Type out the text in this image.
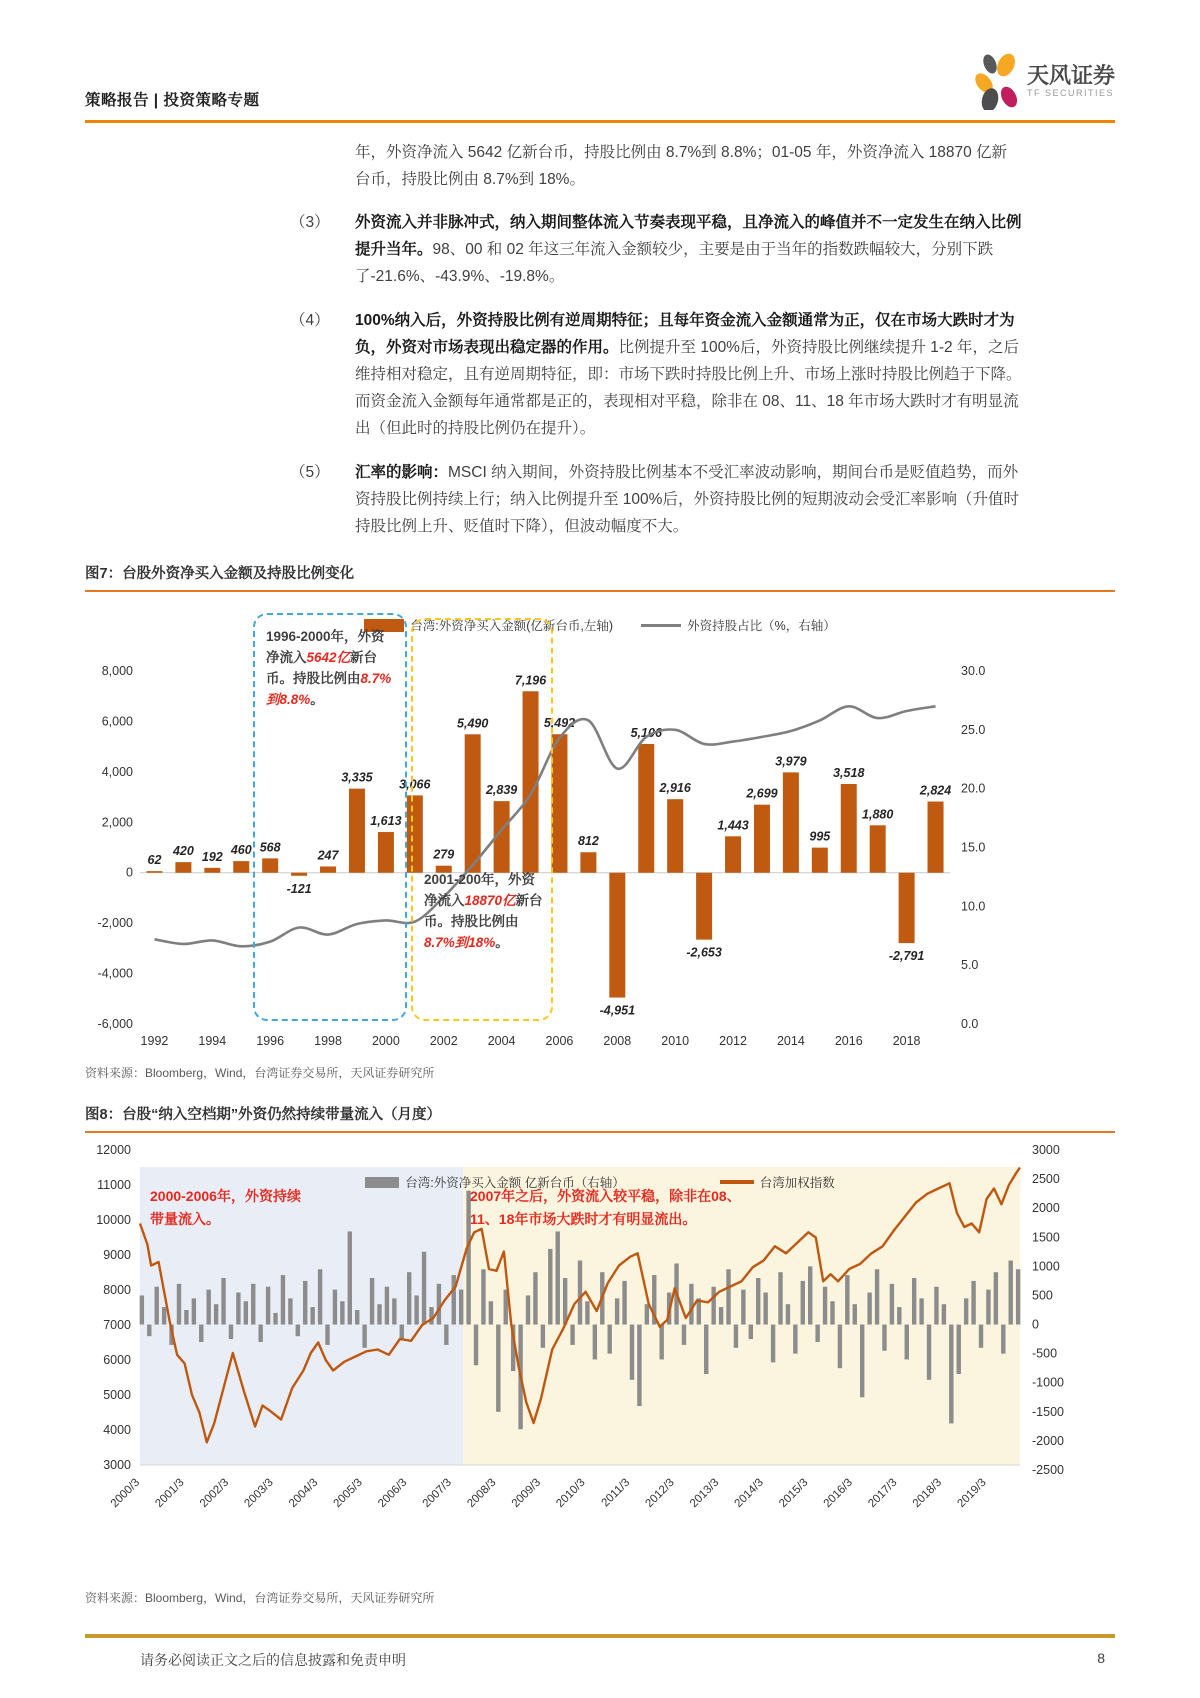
策略报告 | 投资策略专题
天风证券
TF SECURITIES

年，外资净流入 5642 亿新台币，持股比例由 8.7%到 8.8%；01-05 年，外资净流入 18870 亿新台币，持股比例由 8.7%到 18%。

（3）	外资流入并非脉冲式，纳入期间整体流入节奏表现平稳，且净流入的峰值并不一定发生在纳入比例提升当年。98、00 和 02 年这三年流入金额较少，主要是由于当年的指数跌幅较大，分别下跌了-21.6%、-43.9%、-19.8%。
（4）	100%纳入后，外资持股比例有逆周期特征；且每年资金流入金额通常为正，仅在市场大跌时才为负，外资对市场表现出稳定器的作用。比例提升至 100%后，外资持股比例继续提升 1-2 年，之后维持相对稳定，且有逆周期特征，即：市场下跌时持股比例上升、市场上涨时持股比例趋于下降。而资金流入金额每年通常都是正的，表现相对平稳，除非在 08、11、18 年市场大跌时才有明显流出（但此时的持股比例仍在提升）。
（5）	汇率的影响：MSCI 纳入期间，外资持股比例基本不受汇率波动影响，期间台币是贬值趋势，而外资持股比例持续上行；纳入比例提升至 100%后，外资持股比例的短期波动会受汇率影响（升值时持股比例上升、贬值时下降），但波动幅度不大。
图7：台股外资净买入金额及持股比例变化
台湾:外资净买入金额(亿新台币,左轴)	外资持股占比（%，右轴）
8,000
6,000
4,000
2,000
0
-2,000
-4,000
-6,000
30.0
25.0
20.0
15.0
10.0
5.0
0.0
62
420 192 460 568
-121
247
3,335
1,613
3,066
279
5,490
2,839
7,196
5,492
812
-4,951
5,106
2,916
-2,653
1,443
2,699
3,979
995
3,518
1,880
-2,791
2,824
1992 1994 1996 1998 2000 2002 2004 2006 2008 2010 2012 2014 2016 2018
1996-2000年，外资净流入5642亿新台币。持股比例由8.7%到8.8%。
2001-200年，外资净流入18870亿新台币。持股比例由8.7%到18%。
资料来源：Bloomberg，Wind，台湾证券交易所，天风证券研究所
图8：台股“纳入空档期”外资仍然持续带量流入（月度）
台湾:外资净买入金额 亿新台币（右轴）	台湾加权指数
12000
11000
10000
9000
8000
7000
6000
5000
4000
3000
3000
2500
2000
1500
1000
500
0
-500
-1000
-1500
-2000
-2500
2000/3 2001/3 2002/3 2003/3 2004/3 2005/3 2006/3 2007/3 2008/3 2009/3 2010/3 2011/3 2012/3 2013/3 2014/3 2015/3 2016/3 2017/3 2018/3 2019/3
2000-2006年，外资持续
带量流入。
2007年之后，外资流入较平稳，除非在08、
11、18年市场大跌时才有明显流出。
资料来源：Bloomberg，Wind，台湾证券交易所，天风证券研究所
请务必阅读正文之后的信息披露和免责申明	8
